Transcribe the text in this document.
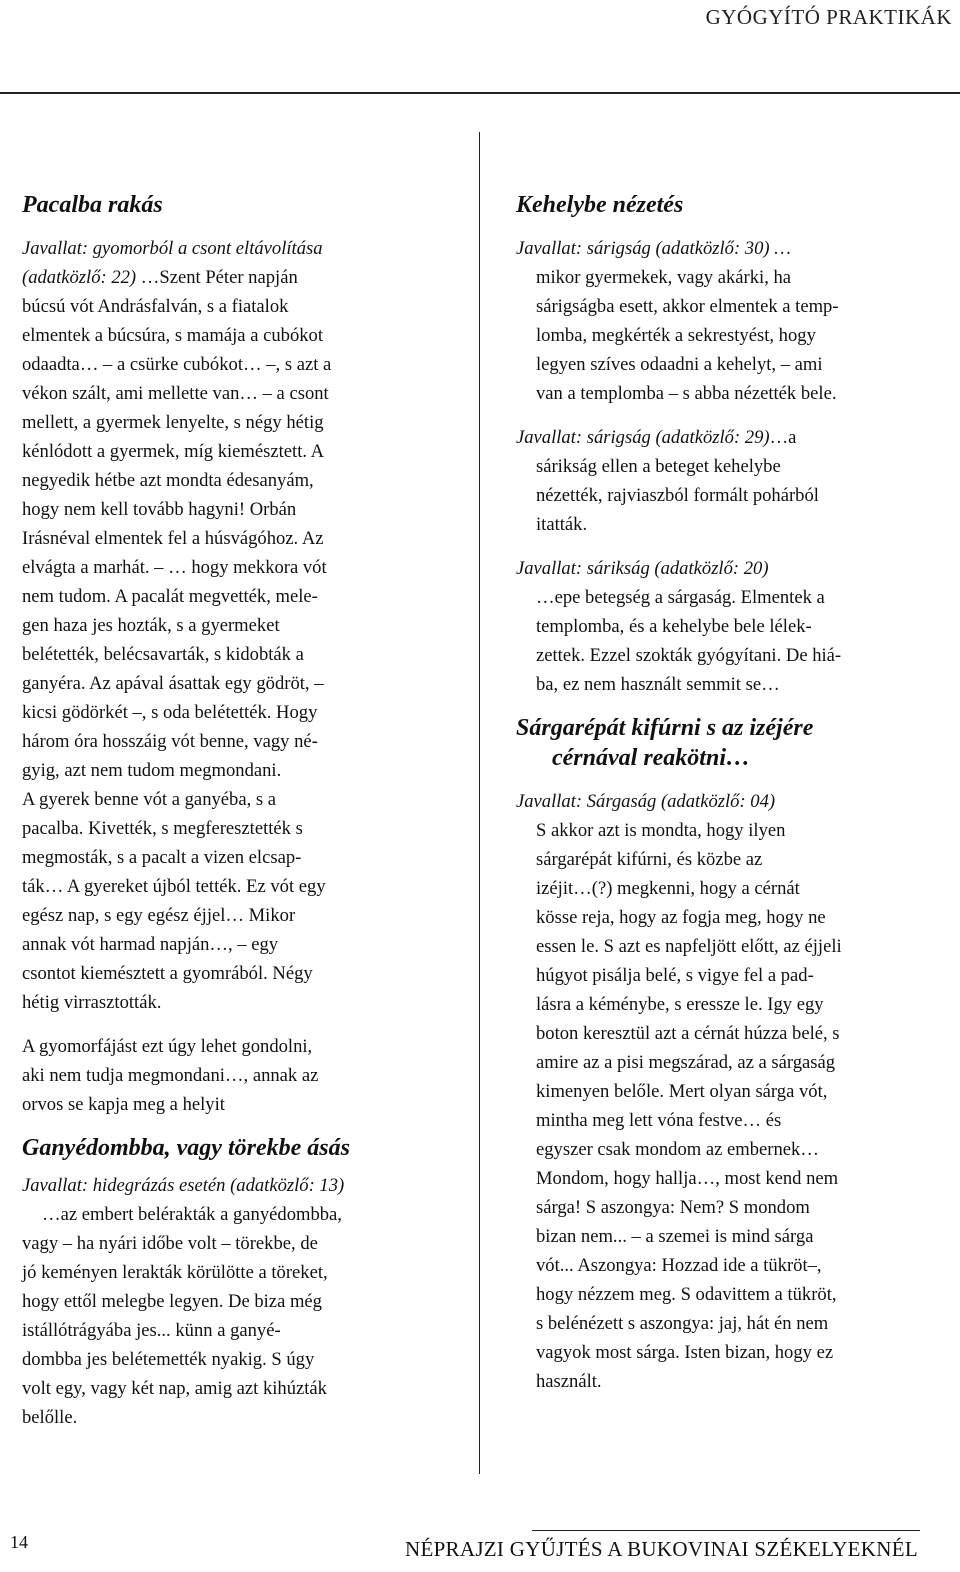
GYÓGYÍTÓ PRAKTIKÁK
Pacalba rakás
Javallat: gyomorból a csont eltávolítása
(adatközlő: 22) …Szent Péter napján
búcsú vót Andrásfalván, s a fiatalok
elmentek a búcsúra, s mamája a cubókot
odaadta… – a csürke cubókot… –, s azt a
vékon szált, ami mellette van… – a csont
mellett, a gyermek lenyelte, s négy hétig
kénlódott a gyermek, míg kiemésztett. A
negyedik hétbe azt mondta édesanyám,
hogy nem kell tovább hagyni! Orbán
Irásnéval elmentek fel a húsvágóhoz. Az
elvágta a marhát. – … hogy mekkora vót
nem tudom. A pacalát megvették, mele-
gen haza jes hozták, s a gyermeket
belétették, belécsavarták, s kidobták a
ganyéra. Az apával ásattak egy gödröt, –
kicsi gödörkét –, s oda belétették. Hogy
három óra hosszáig vót benne, vagy né-
gyig, azt nem tudom megmondani.
A gyerek benne vót a ganyéba, s a
pacalba. Kivették, s megferesztették s
megmosták, s a pacalt a vizen elcsap-
ták… A gyereket újból tették. Ez vót egy
egész nap, s egy egész éjjel… Mikor
annak vót harmad napján…, – egy
csontot kiemésztett a gyomrából. Négy
hétig virrasztották.
A gyomorfájást ezt úgy lehet gondolni,
aki nem tudja megmondani…, annak az
orvos se kapja meg a helyit
Ganyédombba, vagy törekbe ásás
Javallat: hidegrázás esetén (adatközlő: 13)
…az embert belérakták a ganyédombba,
vagy – ha nyári időbe volt – törekbe, de
jó keményen lerakták körülötte a töreket,
hogy ettől melegbe legyen. De biza még
istállótrágyába jes... künn a ganyé-
dombba jes belétemették nyakig. S úgy
volt egy, vagy két nap, amig azt kihúzták
belőlle.
Kehelybe nézetés
Javallat: sárigság (adatközlő: 30) …
mikor gyermekek, vagy akárki, ha
sárigságba esett, akkor elmentek a temp-
lomba, megkérték a sekrestyést, hogy
legyen szíves odaadni a kehelyt, – ami
van a templomba – s abba nézették bele.
Javallat: sárigság (adatközlő: 29)…a
sárikság ellen a beteget kehelybe
nézették, rajviaszból formált pohárból
itatták.
Javallat: sárikság (adatközlő: 20)
…epe betegség a sárgaság. Elmentek a
templomba, és a kehelybe bele lélek-
zettek. Ezzel szokták gyógyítani. De hiá-
ba, ez nem használt semmit se…
Sárgarépát kifúrni s az izéjére
cérnával reakötni…
Javallat: Sárgaság (adatközlő: 04)
S akkor azt is mondta, hogy ilyen
sárgarépát kifúrni, és közbe az
izéjit…(?) megkenni, hogy a cérnát
kösse reja, hogy az fogja meg, hogy ne
essen le. S azt es napfeljött előtt, az éjjeli
húgyot pisálja belé, s vigye fel a pad-
lásra a kéménybe, s eressze le. Igy egy
boton keresztül azt a cérnát húzza belé, s
amire az a pisi megszárad, az a sárgaság
kimenyen belőle. Mert olyan sárga vót,
mintha meg lett vóna festve… és
egyszer csak mondom az embernek…
Mondom, hogy hallja…, most kend nem
sárga! S aszongya: Nem? S mondom
bizan nem... – a szemei is mind sárga
vót... Aszongya: Hozzad ide a tükröt–,
hogy nézzem meg. S odavittem a tükröt,
s belénézett s aszongya: jaj, hát én nem
vagyok most sárga. Isten bizan, hogy ez
használt.
14	NÉPRAJZI GYŰJTÉS A BUKOVINAI SZÉKELYEKNÉL
